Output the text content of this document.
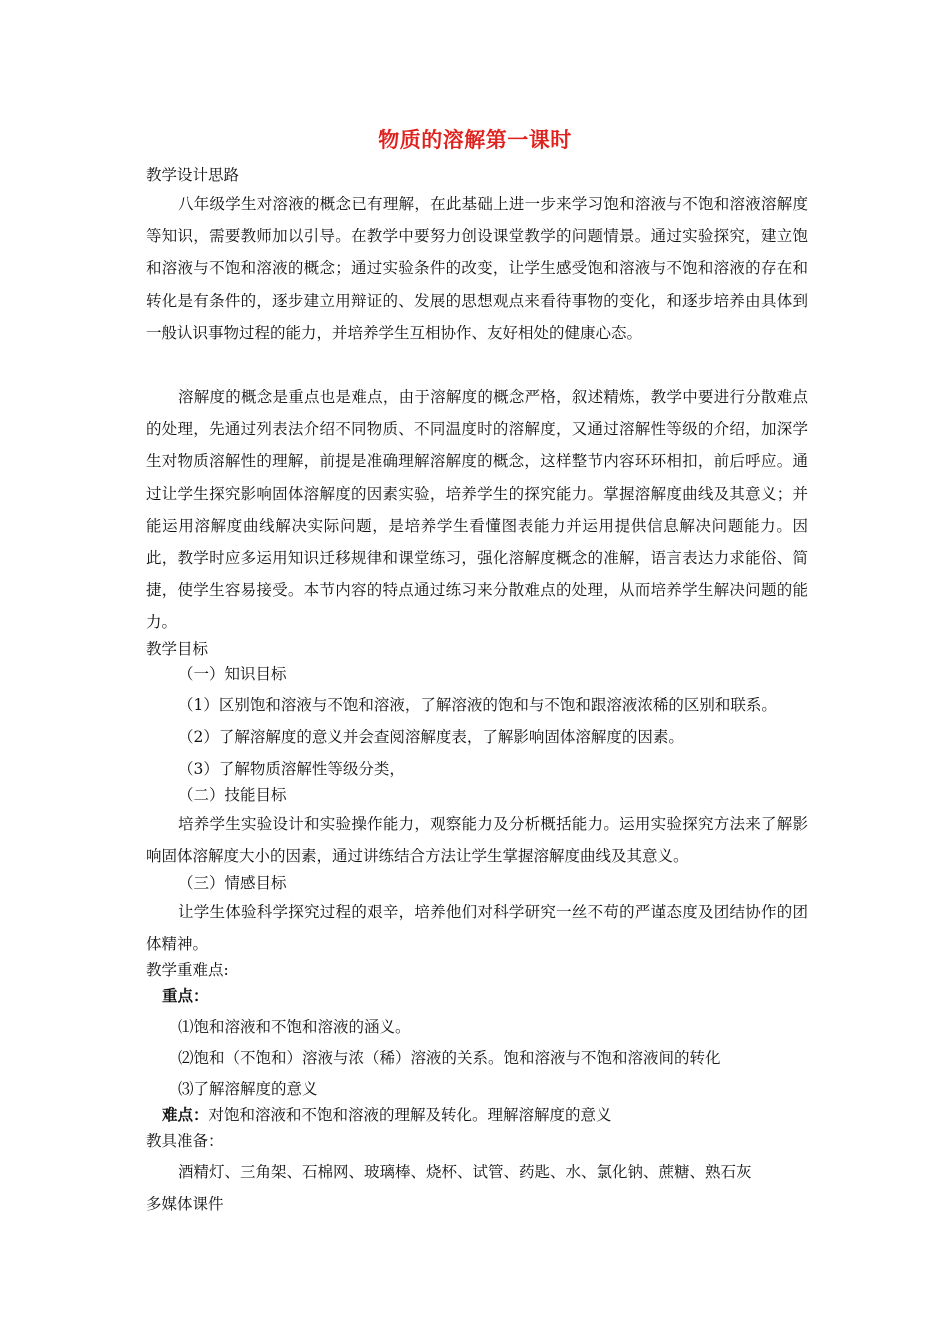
物质的溶解第一课时
教学设计思路

八年级学生对溶液的概念已有理解，在此基础上进一步来学习饱和溶液与不饱和溶液溶解度等知识，需要教师加以引导。在教学中要努力创设课堂教学的问题情景。通过实验探究，建立饱和溶液与不饱和溶液的概念；通过实验条件的改变，让学生感受饱和溶液与不饱和溶液的存在和转化是有条件的，逐步建立用辩证的、发展的思想观点来看待事物的变化，和逐步培养由具体到一般认识事物过程的能力，并培养学生互相协作、友好相处的健康心态。

溶解度的概念是重点也是难点，由于溶解度的概念严格，叙述精炼，教学中要进行分散难点的处理，先通过列表法介绍不同物质、不同温度时的溶解度，又通过溶解性等级的介绍，加深学生对物质溶解性的理解，前提是准确理解溶解度的概念，这样整节内容环环相扣，前后呼应。通过让学生探究影响固体溶解度的因素实验，培养学生的探究能力。掌握溶解度曲线及其意义；并能运用溶解度曲线解决实际问题，是培养学生看懂图表能力并运用提供信息解决问题能力。因此，教学时应多运用知识迁移规律和课堂练习，强化溶解度概念的准解，语言表达力求能俗、简捷，使学生容易接受。本节内容的特点通过练习来分散难点的处理，从而培养学生解决问题的能力。

教学目标
（一）知识目标
（1）区别饱和溶液与不饱和溶液，了解溶液的饱和与不饱和跟溶液浓稀的区别和联系。
（2）了解溶解度的意义并会查阅溶解度表，了解影响固体溶解度的因素。
（3）了解物质溶解性等级分类，
（二）技能目标

培养学生实验设计和实验操作能力，观察能力及分析概括能力。运用实验探究方法来了解影响固体溶解度大小的因素，通过讲练结合方法让学生掌握溶解度曲线及其意义。

（三）情感目标

让学生体验科学探究过程的艰辛，培养他们对科学研究一丝不苟的严谨态度及团结协作的团体精神。

教学重难点:
重点：
⑴饱和溶液和不饱和溶液的涵义。
⑵饱和（不饱和）溶液与浓（稀）溶液的关系。饱和溶液与不饱和溶液间的转化
⑶了解溶解度的意义
难点：对饱和溶液和不饱和溶液的理解及转化。理解溶解度的意义
教具准备：
酒精灯、三角架、石棉网、玻璃棒、烧杯、试管、药匙、水、氯化钠、蔗糖、熟石灰
多媒体课件
